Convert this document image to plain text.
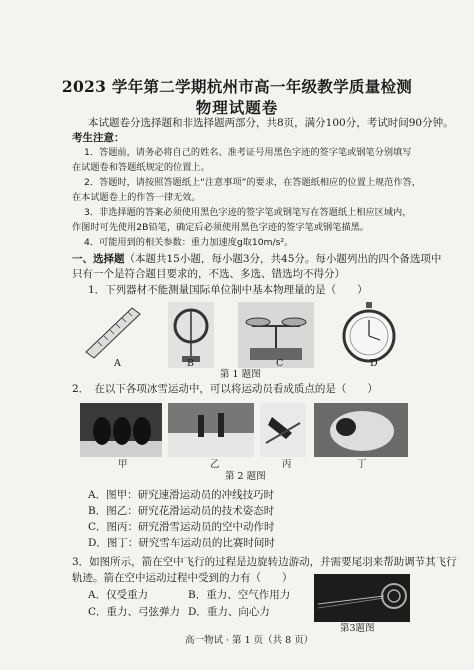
2023 学年第二学期杭州市高一年级教学质量检测
物理试题卷
本试题卷分选择题和非选择题两部分，共8页，满分100分，考试时间90分钟。
考生注意：
1．答题前，请务必将自己的姓名、准考证号用黑色字迹的签字笔或钢笔分别填写
在试题卷和答题纸规定的位置上。
2．答题时，请按照答题纸上“注意事项”的要求，在答题纸相应的位置上规范作答，
在本试题卷上的作答一律无效。
3．非选择题的答案必须使用黑色字迹的签字笔或钢笔写在答题纸上相应区域内，
作图时可先使用2B铅笔，确定后必须使用黑色字迹的签字笔或钢笔描黑。
4．可能用到的相关参数：重力加速度g取10m/s²。
一、选择题（本题共15小题，每小题3分，共45分。每小题列出的四个备选项中
只有一个是符合题目要求的，不选、多选、错选均不得分）
1．下列器材不能测量国际单位制中基本物理量的是（　　）
A	B	C	D
第 1 题图
2．　在以下各项冰雪运动中，可以将运动员看成质点的是（　　）
甲	乙	丙	丁
第 2 题图
A．图甲：研究速滑运动员的冲线技巧时
B．图乙：研究花滑运动员的技术姿态时
C．图丙：研究滑雪运动员的空中动作时
D．图丁：研究雪车运动员的比赛时间时
3．如图所示，箭在空中飞行的过程是边旋转边游动，并需要尾羽来帮助调节其飞行
轨迹。箭在空中运动过程中受到的力有（　　）
A．仅受重力	B．重力、空气作用力
C．重力、弓弦弹力 D．重力、向心力
第3题图
高一物试 · 第 1 页（共 8 页）
